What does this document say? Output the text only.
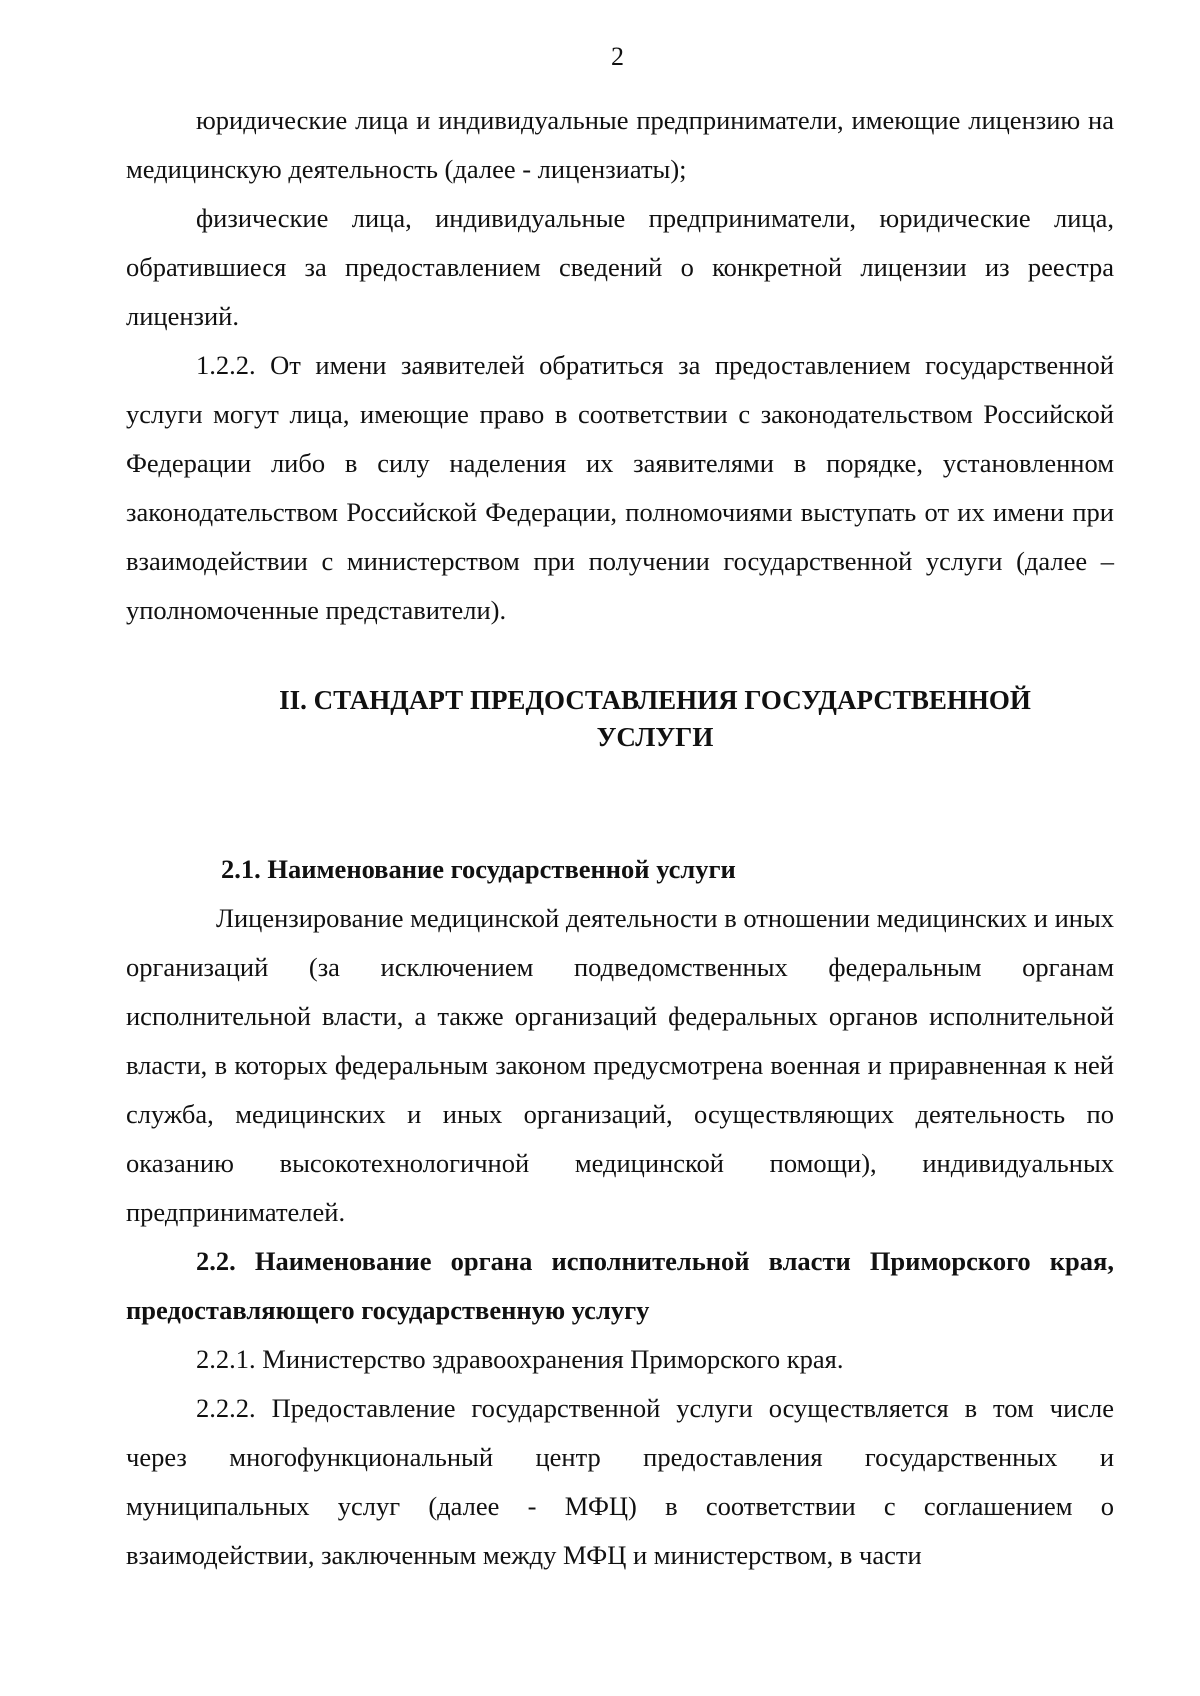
2

юридические лица и индивидуальные предприниматели, имеющие лицензию на медицинскую деятельность (далее - лицензиаты);

физические лица, индивидуальные предприниматели, юридические лица, обратившиеся за предоставлением сведений о конкретной лицензии из реестра лицензий.

1.2.2. От имени заявителей обратиться за предоставлением государственной услуги могут лица, имеющие право в соответствии с законодательством Российской Федерации либо в силу наделения их заявителями в порядке, установленном законодательством Российской Федерации, полномочиями выступать от их имени при взаимодействии с министерством при получении государственной услуги (далее – уполномоченные представители).

II. СТАНДАРТ ПРЕДОСТАВЛЕНИЯ ГОСУДАРСТВЕННОЙ
УСЛУГИ

2.1. Наименование государственной услуги

Лицензирование медицинской деятельности в отношении медицинских и иных организаций (за исключением подведомственных федеральным органам исполнительной власти, а также организаций федеральных органов исполнительной власти, в которых федеральным законом предусмотрена военная и приравненная к ней служба, медицинских и иных организаций, осуществляющих деятельность по оказанию высокотехнологичной медицинской помощи), индивидуальных предпринимателей.

2.2. Наименование органа исполнительной власти Приморского края, предоставляющего государственную услугу

2.2.1. Министерство здравоохранения Приморского края.

2.2.2. Предоставление государственной услуги осуществляется в том числе через многофункциональный центр предоставления государственных и муниципальных услуг (далее - МФЦ) в соответствии с соглашением о взаимодействии, заключенным между МФЦ и министерством, в части
